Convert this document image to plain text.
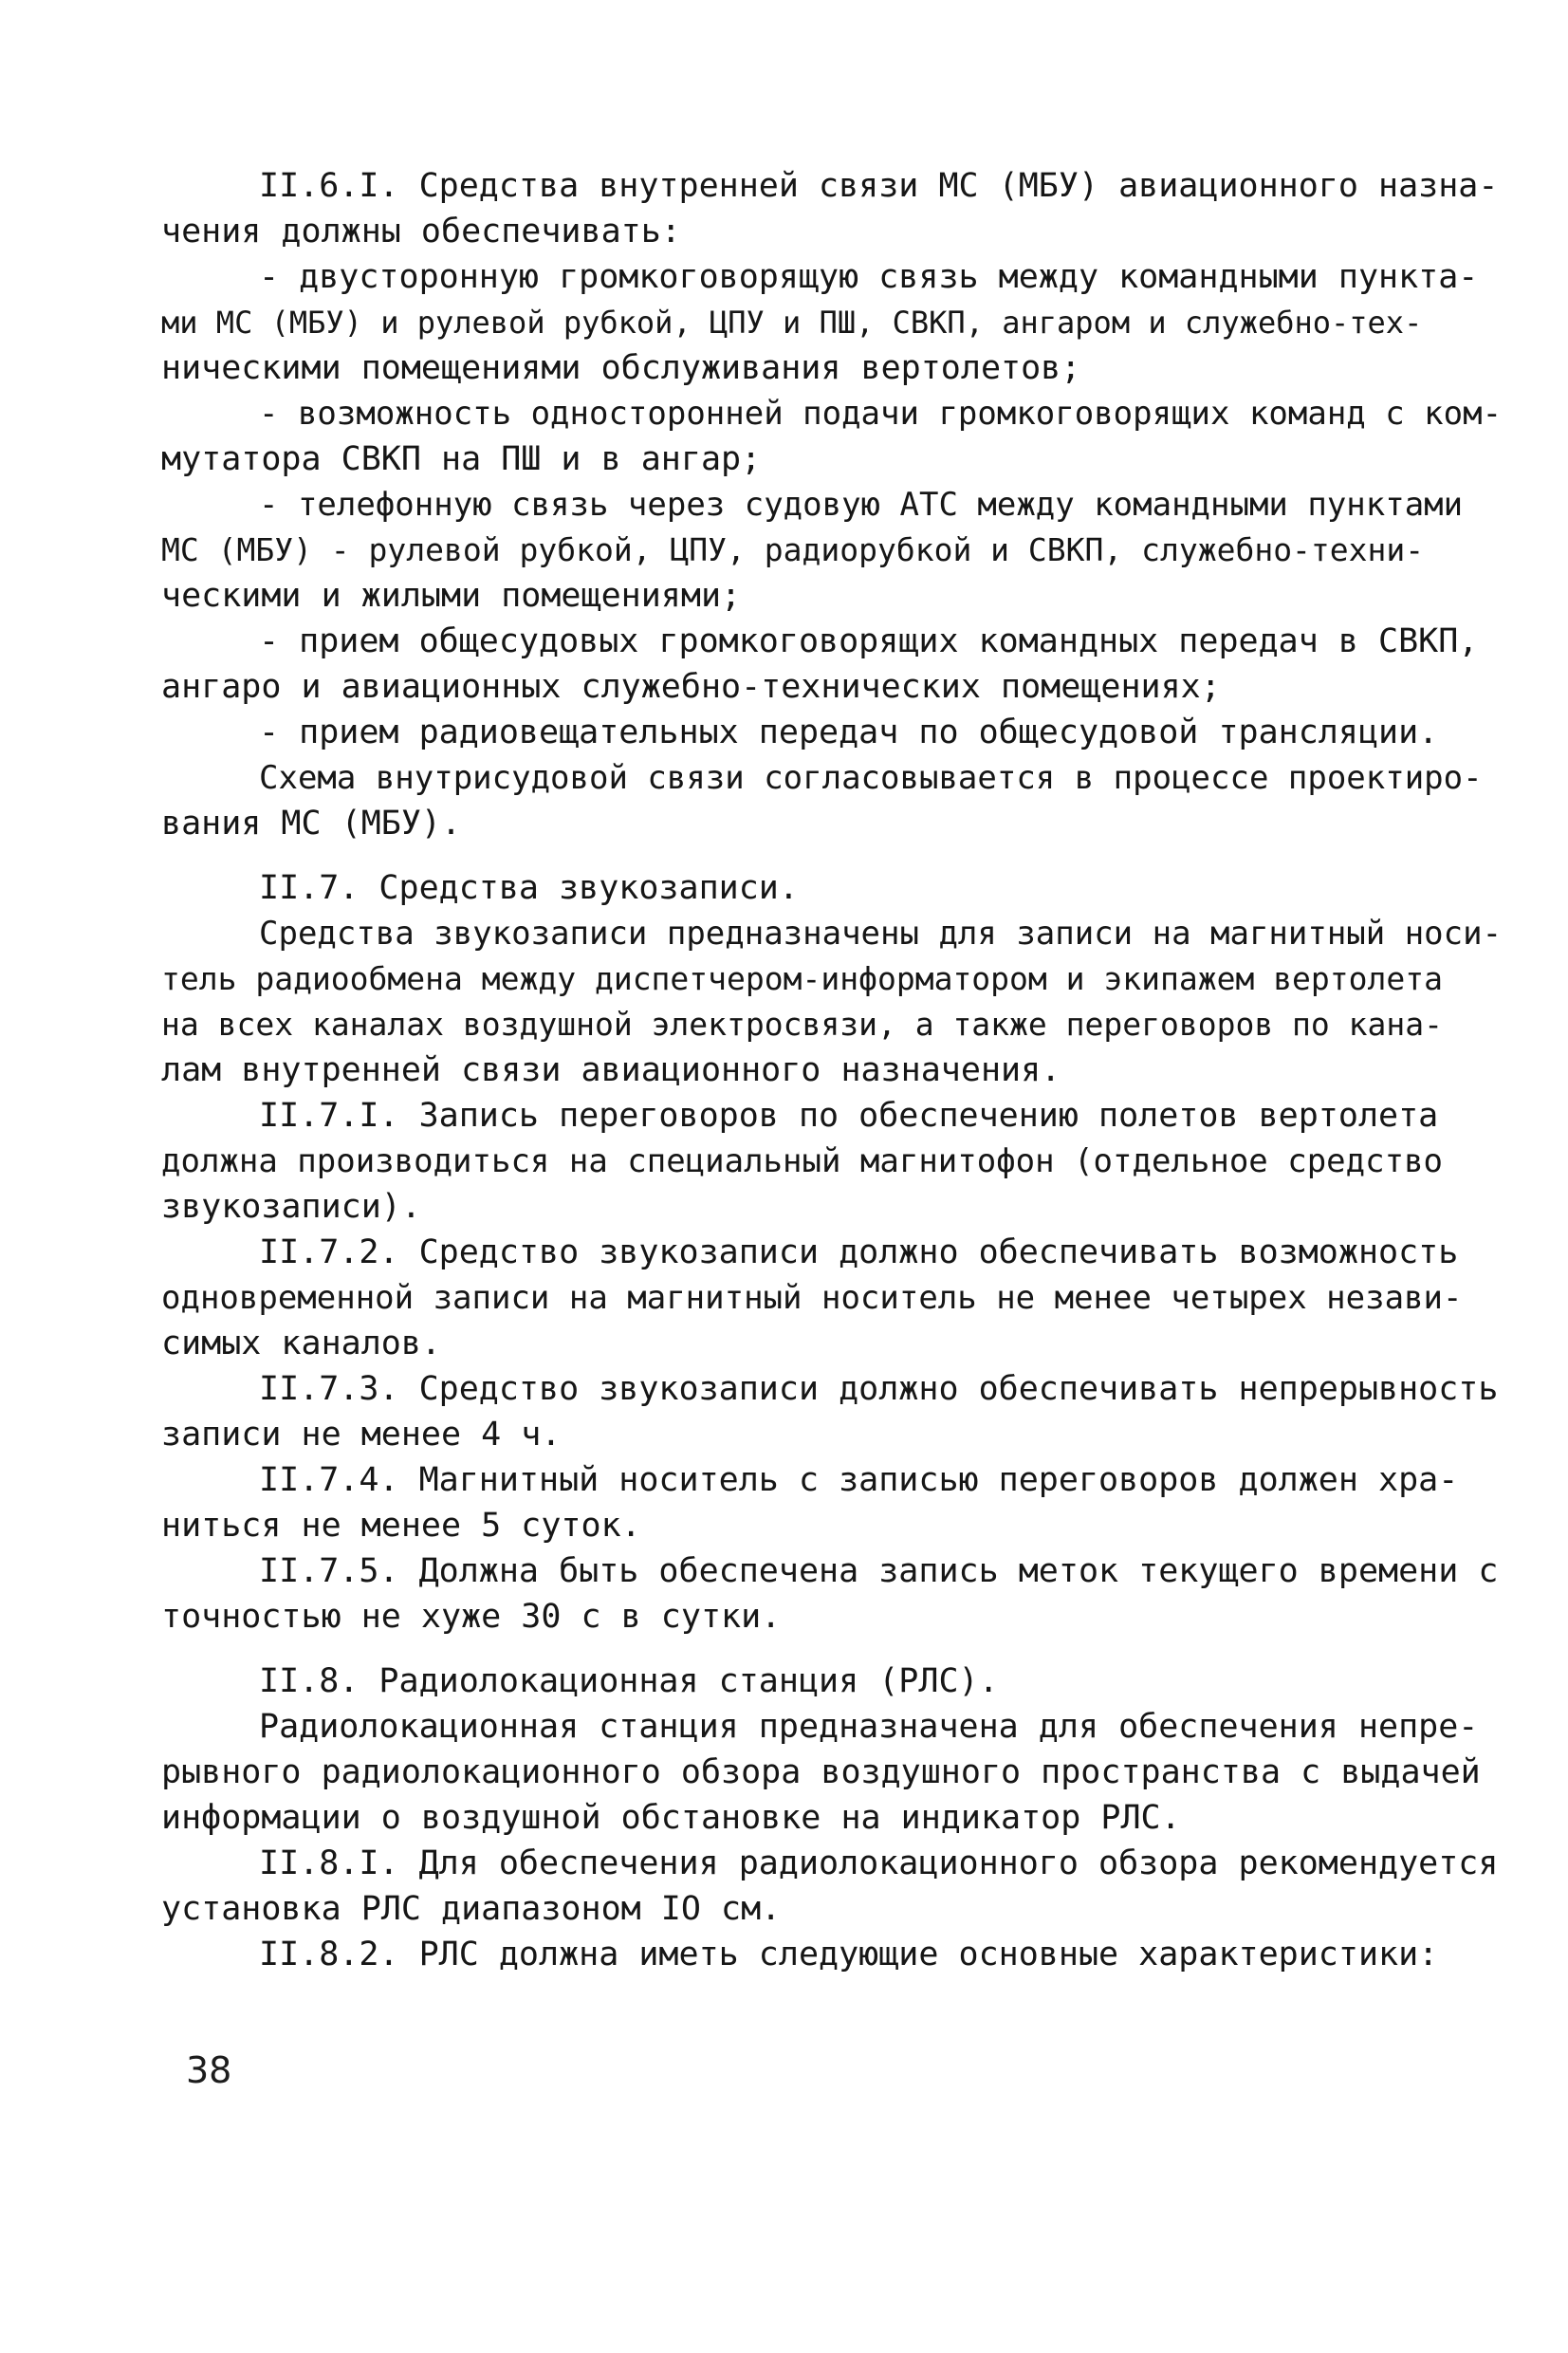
II.6.I. Средства внутренней связи МС (МБУ) авиационного назна-
чения должны обеспечивать:
- двусторонную громкоговорящую связь между командными пункта-
ми МС (МБУ) и рулевой рубкой, ЦПУ и ПШ, СВКП, ангаром и служебно-тех-
ническими помещениями обслуживания вертолетов;
- возможность односторонней подачи громкоговорящих команд с ком-
мутатора СВКП на ПШ и в ангар;
- телефонную связь через судовую АТС между командными пунктами
МС (МБУ) - рулевой рубкой, ЦПУ, радиорубкой и СВКП, служебно-техни-
ческими и жилыми помещениями;
- прием общесудовых громкоговорящих командных передач в СВКП,
ангаро и авиационных служебно-технических помещениях;
- прием радиовещательных передач по общесудовой трансляции.
Схема внутрисудовой связи согласовывается в процессе проектиро-
вания МС (МБУ).
II.7. Средства звукозаписи.
Средства звукозаписи предназначены для записи на магнитный носи-
тель радиообмена между диспетчером-информатором и экипажем вертолета
на всех каналах воздушной электросвязи, а также переговоров по кана-
лам внутренней связи авиационного назначения.
II.7.I. Запись переговоров по обеспечению полетов вертолета
должна производиться на специальный магнитофон (отдельное средство
звукозаписи).
II.7.2. Средство звукозаписи должно обеспечивать возможность
одновременной записи на магнитный носитель не менее четырех незави-
симых каналов.
II.7.3. Средство звукозаписи должно обеспечивать непрерывность
записи не менее 4 ч.
II.7.4. Магнитный носитель с записью переговоров должен хра-
ниться не менее 5 суток.
II.7.5. Должна быть обеспечена запись меток текущего времени с
точностью не хуже 30 с в сутки.
II.8. Радиолокационная станция (РЛС).
Радиолокационная станция предназначена для обеспечения непре-
рывного радиолокационного обзора воздушного пространства с выдачей
информации о воздушной обстановке на индикатор РЛС.
II.8.I. Для обеспечения радиолокационного обзора рекомендуется
установка РЛС диапазоном IO см.
II.8.2. РЛС должна иметь следующие основные характеристики:
38
